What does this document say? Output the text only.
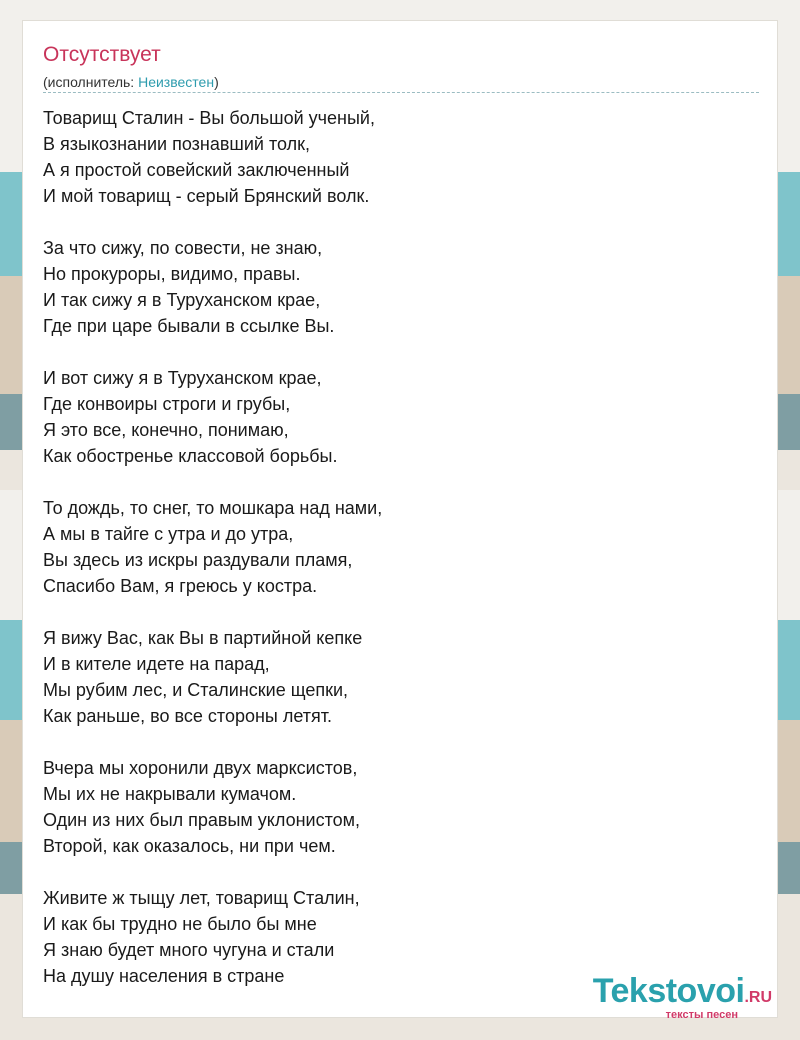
Отсутствует
(исполнитель: Неизвестен)
Товарищ Сталин - Вы большой ученый,
В языкознании познавший толк,
А я простой совейский заключенный
И мой товарищ - серый Брянский волк.
За что сижу, по совести, не знаю,
Но прокуроры, видимо, правы.
И так сижу я в Туруханском крае,
Где при царе бывали в ссылке Вы.
И вот сижу я в Туруханском крае,
Где конвоиры строги и грубы,
Я это все, конечно, понимаю,
Как обостренье классовой борьбы.
То дождь, то снег, то мошкара над нами,
А мы в тайге с утра и до утра,
Вы здесь из искры раздували пламя,
Спасибо Вам, я греюсь у костра.
Я вижу Вас, как Вы в партийной кепке
И в кителе идете на парад,
Мы рубим лес, и Сталинские щепки,
Как раньше, во все стороны летят.
Вчера мы хоронили двух марксистов,
Мы их не накрывали кумачом.
Один из них был правым уклонистом,
Второй, как оказалось, ни при чем.
Живите ж тыщу лет, товарищ Сталин,
И как бы трудно не было бы мне
Я знаю будет много чугуна и стали
На душу населения в стране	Tekstovoi.RU
тексты песен
